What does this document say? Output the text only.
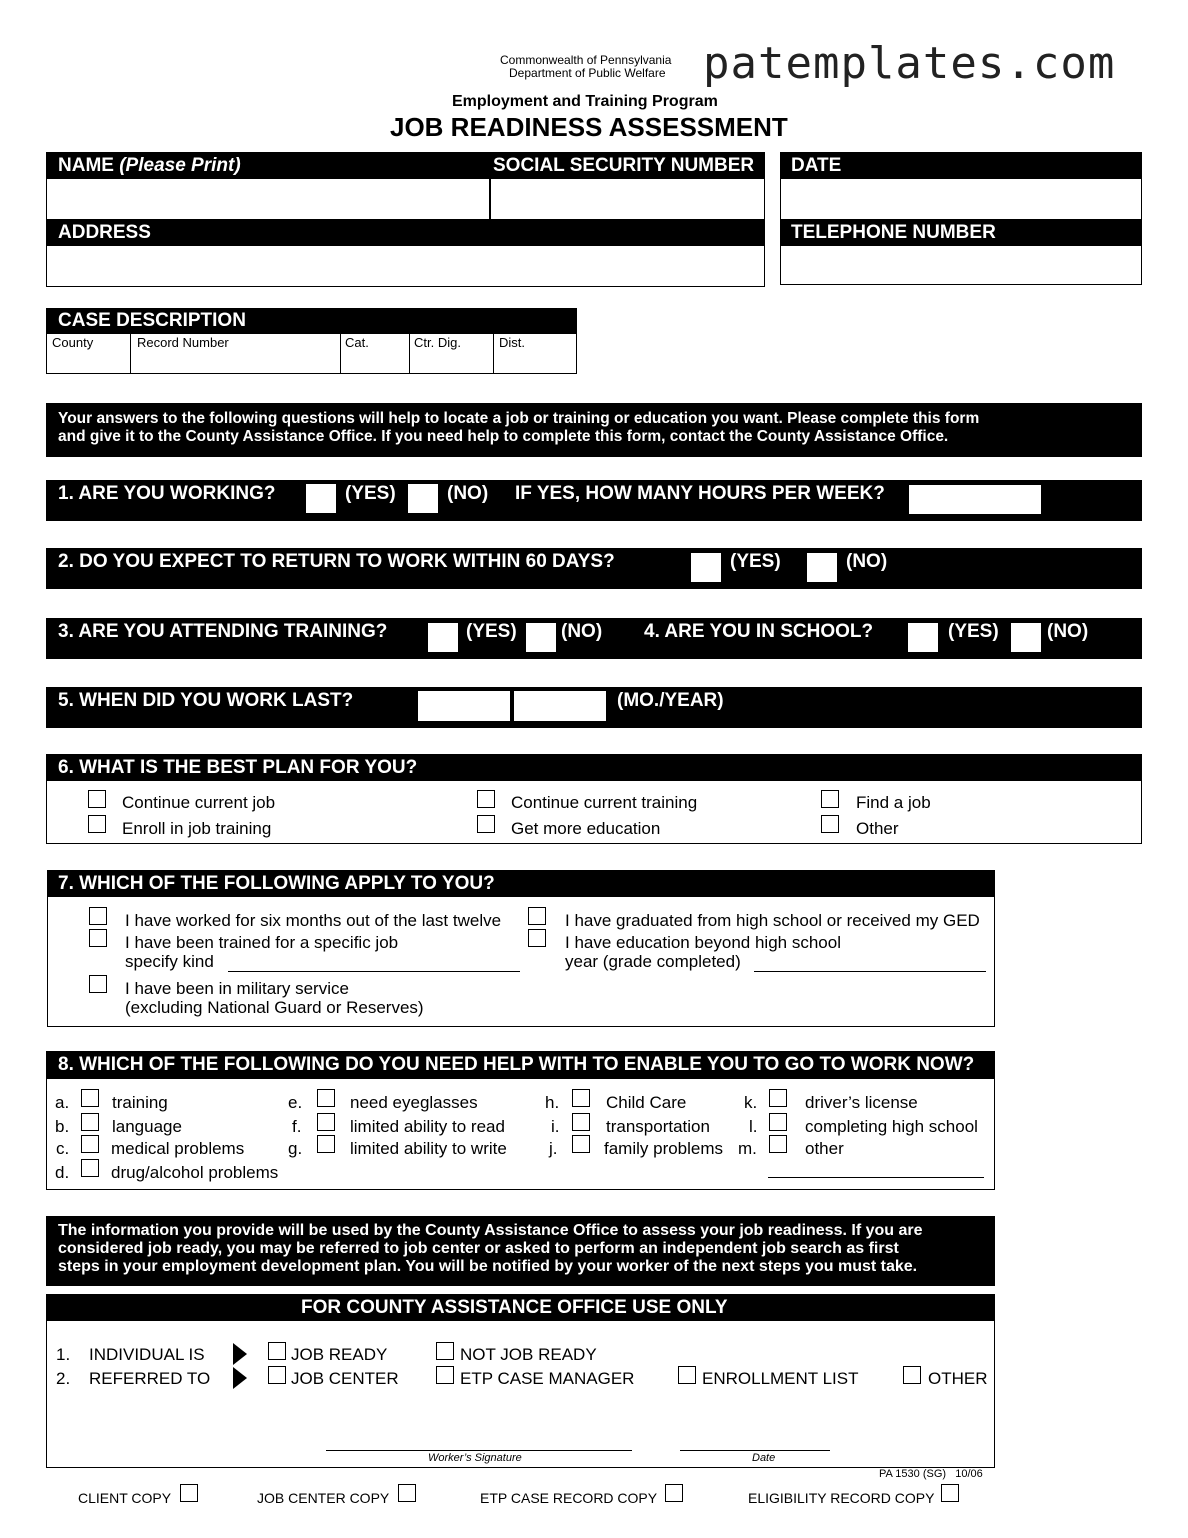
Commonwealth of Pennsylvania
Department of Public Welfare patemplates.com
Employment and Training Program
JOB READINESS ASSESSMENT
NAME (Please Print)	SOCIAL SECURITY NUMBER
ADDRESS
DATE
TELEPHONE NUMBER
CASE DESCRIPTION
County	Record Number	Cat.	Ctr. Dig.	Dist.
Your answers to the following questions will help to locate a job or training or education you want. Please complete this form
and give it to the County Assistance Office. If you need help to complete this form, contact the County Assistance Office.
1. ARE YOU WORKING?	(YES)	(NO) IF YES, HOW MANY HOURS PER WEEK?
2. DO YOU EXPECT TO RETURN TO WORK WITHIN 60 DAYS?	(YES)	(NO)
3. ARE YOU ATTENDING TRAINING?	(YES) (NO) 4. ARE YOU IN SCHOOL?	(YES)	(NO)
5. WHEN DID YOU WORK LAST?	(MO./YEAR)
6. WHAT IS THE BEST PLAN FOR YOU?
Continue current job
Enroll in job training
Continue current training
Get more education
Find a job
Other
7. WHICH OF THE FOLLOWING APPLY TO YOU?
I have worked for six months out of the last twelve
I have been trained for a specific job
specify kind
I have been in military service
(excluding National Guard or Reserves)
I have graduated from high school or received my GED
I have education beyond high school
year (grade completed)
8. WHICH OF THE FOLLOWING DO YOU NEED HELP WITH TO ENABLE YOU TO GO TO WORK NOW?
a.	training
b.	language
c. medical problems
d. drug/alcohol problems
e.	need eyeglasses
f.	limited ability to read
g.	limited ability to write
h.	Child Care
i.	transportation
j.	family problems
k.	driver’s license
l.	completing high school
m.	other
The information you provide will be used by the County Assistance Office to assess your job readiness. If you are
considered job ready, you may be referred to job center or asked to perform an independent job search as first
steps in your employment development plan. You will be notified by your worker of the next steps you must take.
FOR COUNTY ASSISTANCE OFFICE USE ONLY
1. INDIVIDUAL IS	JOB READY	NOT JOB READY
2. REFERRED TO	JOB CENTER	ETP CASE MANAGER	ENROLLMENT LIST	OTHER
Worker’s Signature	Date
PA 1530 (SG)   10/06
CLIENT COPY	JOB CENTER COPY	ETP CASE RECORD COPY	ELIGIBILITY RECORD COPY
